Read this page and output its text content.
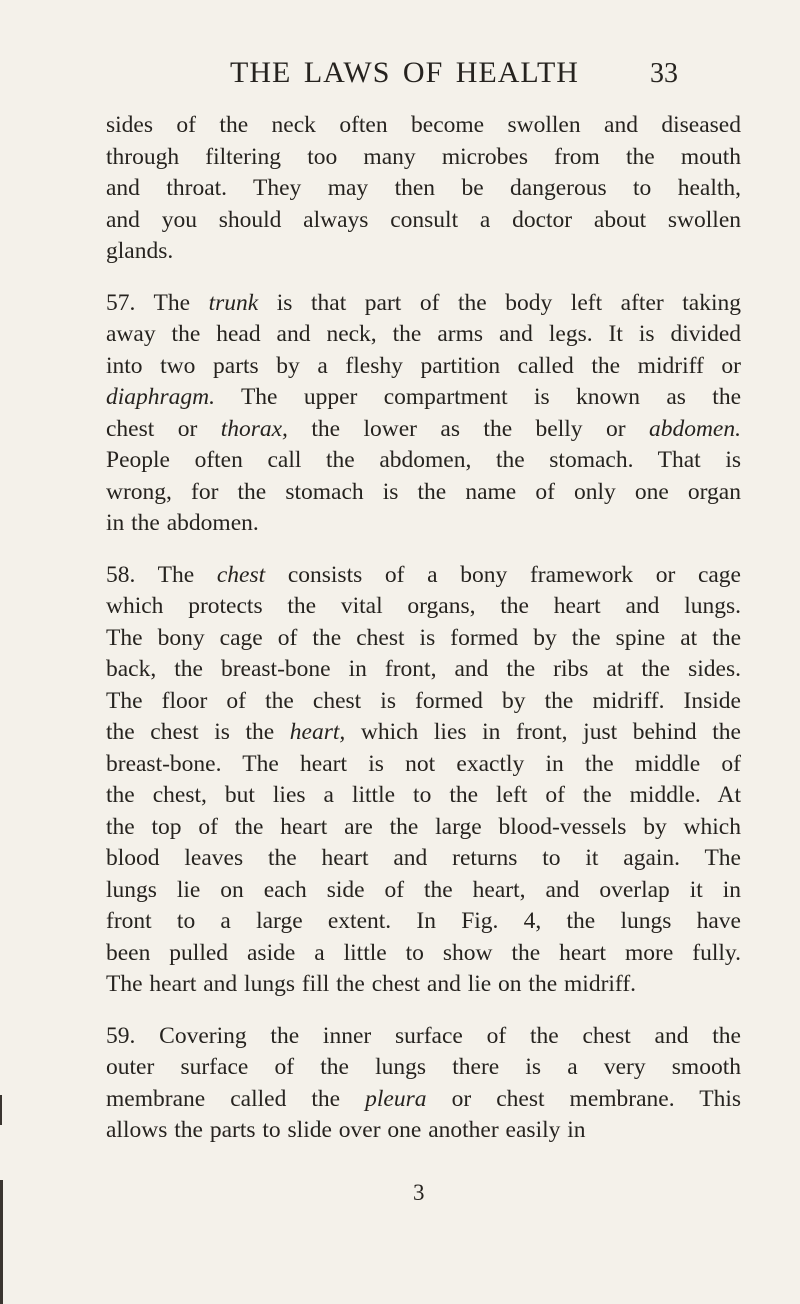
THE LAWS OF HEALTH	33
sides of the neck often become swollen and diseased
through filtering too many microbes from the mouth
and throat. They may then be dangerous to health,
and you should always consult a doctor about swollen
glands.
57. The trunk is that part of the body left after taking
away the head and neck, the arms and legs. It is divided
into two parts by a fleshy partition called the midriff or
diaphragm. The upper compartment is known as the
chest or thorax, the lower as the belly or abdomen.
People often call the abdomen, the stomach. That is
wrong, for the stomach is the name of only one organ
in the abdomen.
58. The chest consists of a bony framework or cage
which protects the vital organs, the heart and lungs.
The bony cage of the chest is formed by the spine at the
back, the breast-bone in front, and the ribs at the sides.
The floor of the chest is formed by the midriff. Inside
the chest is the heart, which lies in front, just behind the
breast-bone. The heart is not exactly in the middle of
the chest, but lies a little to the left of the middle. At
the top of the heart are the large blood-vessels by which
blood leaves the heart and returns to it again. The
lungs lie on each side of the heart, and overlap it in
front to a large extent. In Fig. 4, the lungs have
been pulled aside a little to show the heart more fully.
The heart and lungs fill the chest and lie on the midriff.
59. Covering the inner surface of the chest and the
outer surface of the lungs there is a very smooth
membrane called the pleura or chest membrane. This
allows the parts to slide over one another easily in
3
